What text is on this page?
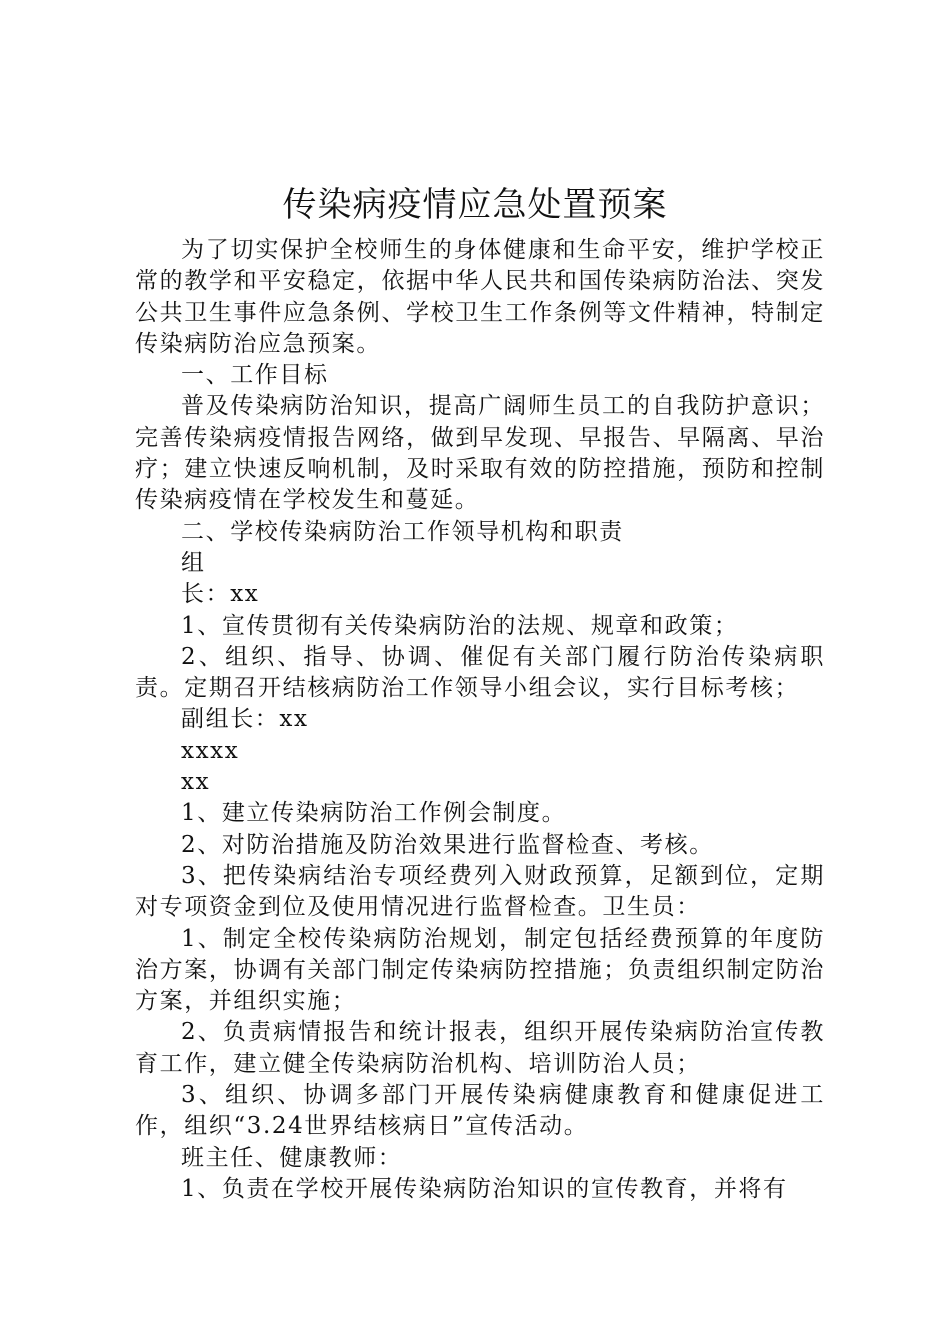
传染病疫情应急处置预案

为了切实保护全校师生的身体健康和生命平安，维护学校正常的教学和平安稳定，依据中华人民共和国传染病防治法、突发公共卫生事件应急条例、学校卫生工作条例等文件精神，特制定传染病防治应急预案。

一、工作目标

普及传染病防治知识，提高广阔师生员工的自我防护意识；完善传染病疫情报告网络，做到早发现、早报告、早隔离、早治疗；建立快速反响机制，及时采取有效的防控措施，预防和控制传染病疫情在学校发生和蔓延。

二、学校传染病防治工作领导机构和职责

组

长：xx

1、宣传贯彻有关传染病防治的法规、规章和政策；

2、组织、指导、协调、催促有关部门履行防治传染病职责。定期召开结核病防治工作领导小组会议，实行目标考核；

副组长：xx

xxxx

xx

1、建立传染病防治工作例会制度。

2、对防治措施及防治效果进行监督检查、考核。

3、把传染病结治专项经费列入财政预算，足额到位，定期对专项资金到位及使用情况进行监督检查。卫生员：

1、制定全校传染病防治规划，制定包括经费预算的年度防治方案，协调有关部门制定传染病防控措施；负责组织制定防治方案，并组织实施；

2、负责病情报告和统计报表，组织开展传染病防治宣传教育工作，建立健全传染病防治机构、培训防治人员；

3、组织、协调多部门开展传染病健康教育和健康促进工作，组织“3.24世界结核病日”宣传活动。

班主任、健康教师：

1、负责在学校开展传染病防治知识的宣传教育，并将有
